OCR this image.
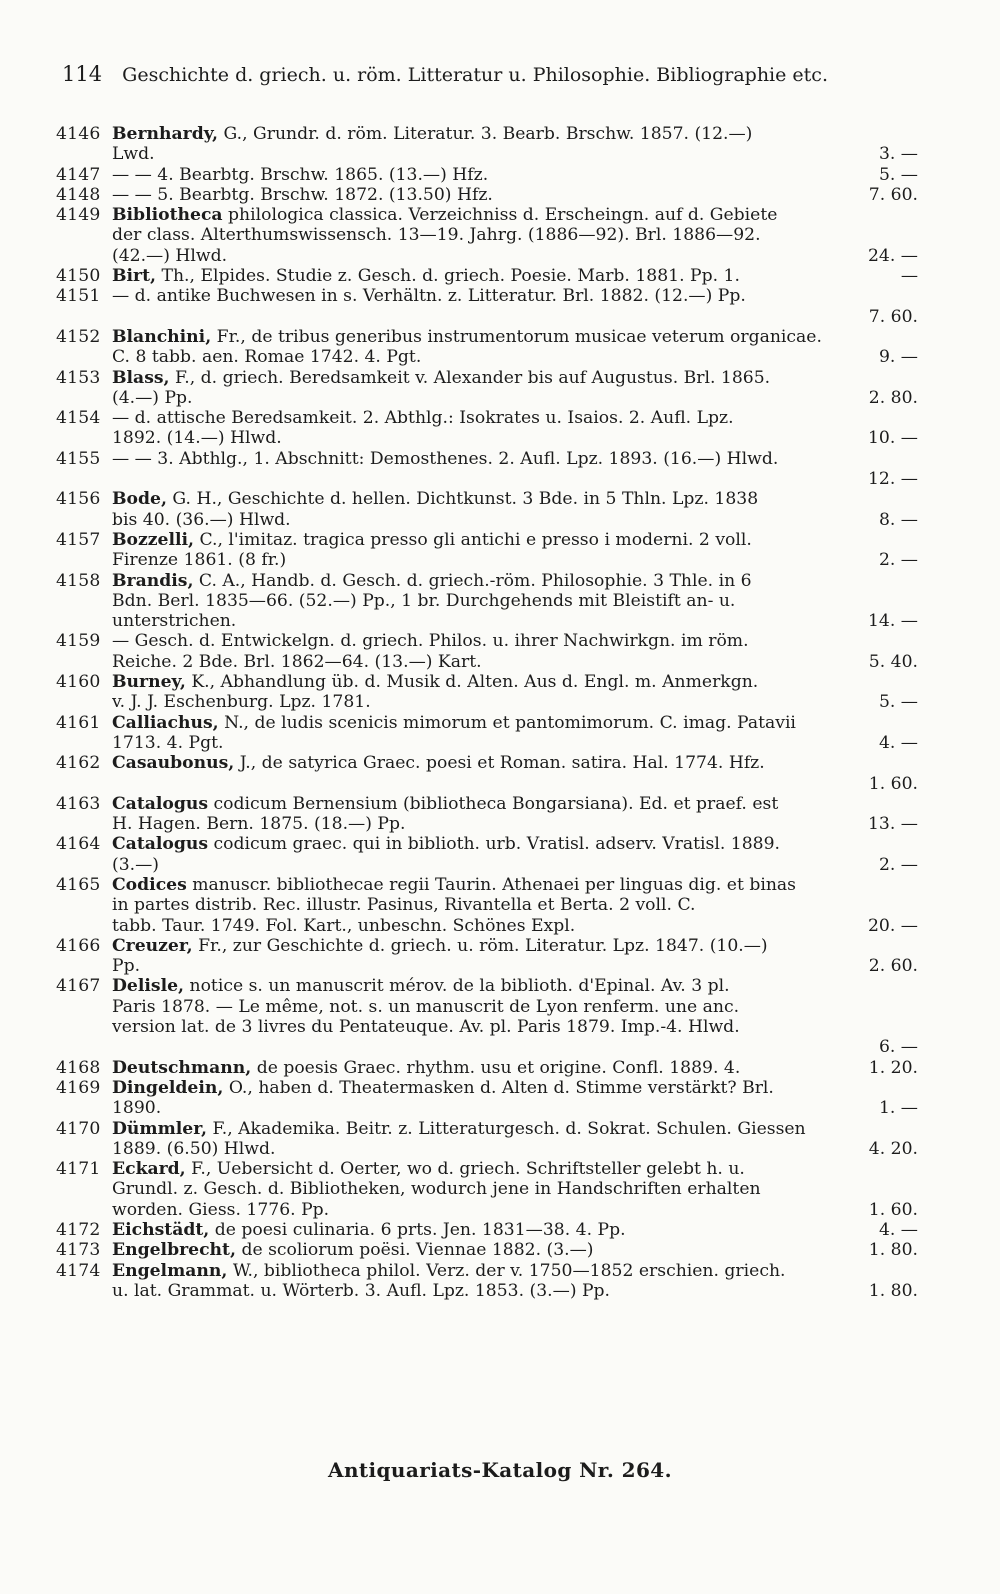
114 Geschichte d. griech. u. röm. Litteratur u. Philosophie. Bibliographie etc.
4146 Bernhardy, G., Grundr. d. röm. Literatur. 3. Bearb. Brschw. 1857. (12.—)
Lwd.	3. —
4147 — — 4. Bearbtg. Brschw. 1865. (13.—) Hfz.	5. —
4148 — — 5. Bearbtg. Brschw. 1872. (13.50) Hfz.	7. 60.
4149 Bibliotheca philologica classica. Verzeichniss d. Erscheingn. auf d. Gebiete
der class. Alterthumswissensch. 13—19. Jahrg. (1886—92). Brl. 1886—92.
(42.—) Hlwd.	24. —
4150 Birt, Th., Elpides. Studie z. Gesch. d. griech. Poesie. Marb. 1881. Pp. 1.	—
4151 — d. antike Buchwesen in s. Verhältn. z. Litteratur. Brl. 1882. (12.—) Pp.
7. 60.
4152 Blanchini, Fr., de tribus generibus instrumentorum musicae veterum organicae.
C. 8 tabb. aen. Romae 1742. 4. Pgt.	9. —
4153 Blass, F., d. griech. Beredsamkeit v. Alexander bis auf Augustus. Brl. 1865.
(4.—) Pp.	2. 80.
4154 — d. attische Beredsamkeit. 2. Abthlg.: Isokrates u. Isaios. 2. Aufl. Lpz.
1892. (14.—) Hlwd.	10. —
4155 — — 3. Abthlg., 1. Abschnitt: Demosthenes. 2. Aufl. Lpz. 1893. (16.—) Hlwd.
12. —
4156 Bode, G. H., Geschichte d. hellen. Dichtkunst. 3 Bde. in 5 Thln. Lpz. 1838
bis 40. (36.—) Hlwd.	8. —
4157 Bozzelli, C., l'imitaz. tragica presso gli antichi e presso i moderni. 2 voll.
Firenze 1861. (8 fr.)	2. —
4158 Brandis, C. A., Handb. d. Gesch. d. griech.-röm. Philosophie. 3 Thle. in 6
Bdn. Berl. 1835—66. (52.—) Pp., 1 br. Durchgehends mit Bleistift an- u.
unterstrichen.	14. —
4159 — Gesch. d. Entwickelgn. d. griech. Philos. u. ihrer Nachwirkgn. im röm.
Reiche. 2 Bde. Brl. 1862—64. (13.—) Kart.	5. 40.
4160 Burney, K., Abhandlung üb. d. Musik d. Alten. Aus d. Engl. m. Anmerkgn.
v. J. J. Eschenburg. Lpz. 1781.	5. —
4161 Calliachus, N., de ludis scenicis mimorum et pantomimorum. C. imag. Patavii
1713. 4. Pgt.	4. —
4162 Casaubonus, J., de satyrica Graec. poesi et Roman. satira. Hal. 1774. Hfz.
1. 60.
4163 Catalogus codicum Bernensium (bibliotheca Bongarsiana). Ed. et praef. est
H. Hagen. Bern. 1875. (18.—) Pp.	13. —
4164 Catalogus codicum graec. qui in biblioth. urb. Vratisl. adserv. Vratisl. 1889.
(3.—)	2. —
4165 Codices manuscr. bibliothecae regii Taurin. Athenaei per linguas dig. et binas
in partes distrib. Rec. illustr. Pasinus, Rivantella et Berta. 2 voll. C.
tabb. Taur. 1749. Fol. Kart., unbeschn. Schönes Expl.	20. —
4166 Creuzer, Fr., zur Geschichte d. griech. u. röm. Literatur. Lpz. 1847. (10.—)
Pp.	2. 60.
4167 Delisle, notice s. un manuscrit mérov. de la biblioth. d'Epinal. Av. 3 pl.
Paris 1878. — Le même, not. s. un manuscrit de Lyon renferm. une anc.
version lat. de 3 livres du Pentateuque. Av. pl. Paris 1879. Imp.-4. Hlwd.
6. —
4168 Deutschmann, de poesis Graec. rhythm. usu et origine. Confl. 1889. 4.	1. 20.
4169 Dingeldein, O., haben d. Theatermasken d. Alten d. Stimme verstärkt? Brl.
1890.	1. —
4170 Dümmler, F., Akademika. Beitr. z. Litteraturgesch. d. Sokrat. Schulen. Giessen
1889. (6.50) Hlwd.	4. 20.
4171 Eckard, F., Uebersicht d. Oerter, wo d. griech. Schriftsteller gelebt h. u.
Grundl. z. Gesch. d. Bibliotheken, wodurch jene in Handschriften erhalten
worden. Giess. 1776. Pp.	1. 60.
4172 Eichstädt, de poesi culinaria. 6 prts. Jen. 1831—38. 4. Pp.	4. —
4173 Engelbrecht, de scoliorum poësi. Viennae 1882. (3.—)	1. 80.
4174 Engelmann, W., bibliotheca philol. Verz. der v. 1750—1852 erschien. griech.
u. lat. Grammat. u. Wörterb. 3. Aufl. Lpz. 1853. (3.—) Pp.	1. 80.
Antiquariats-Katalog Nr. 264.
